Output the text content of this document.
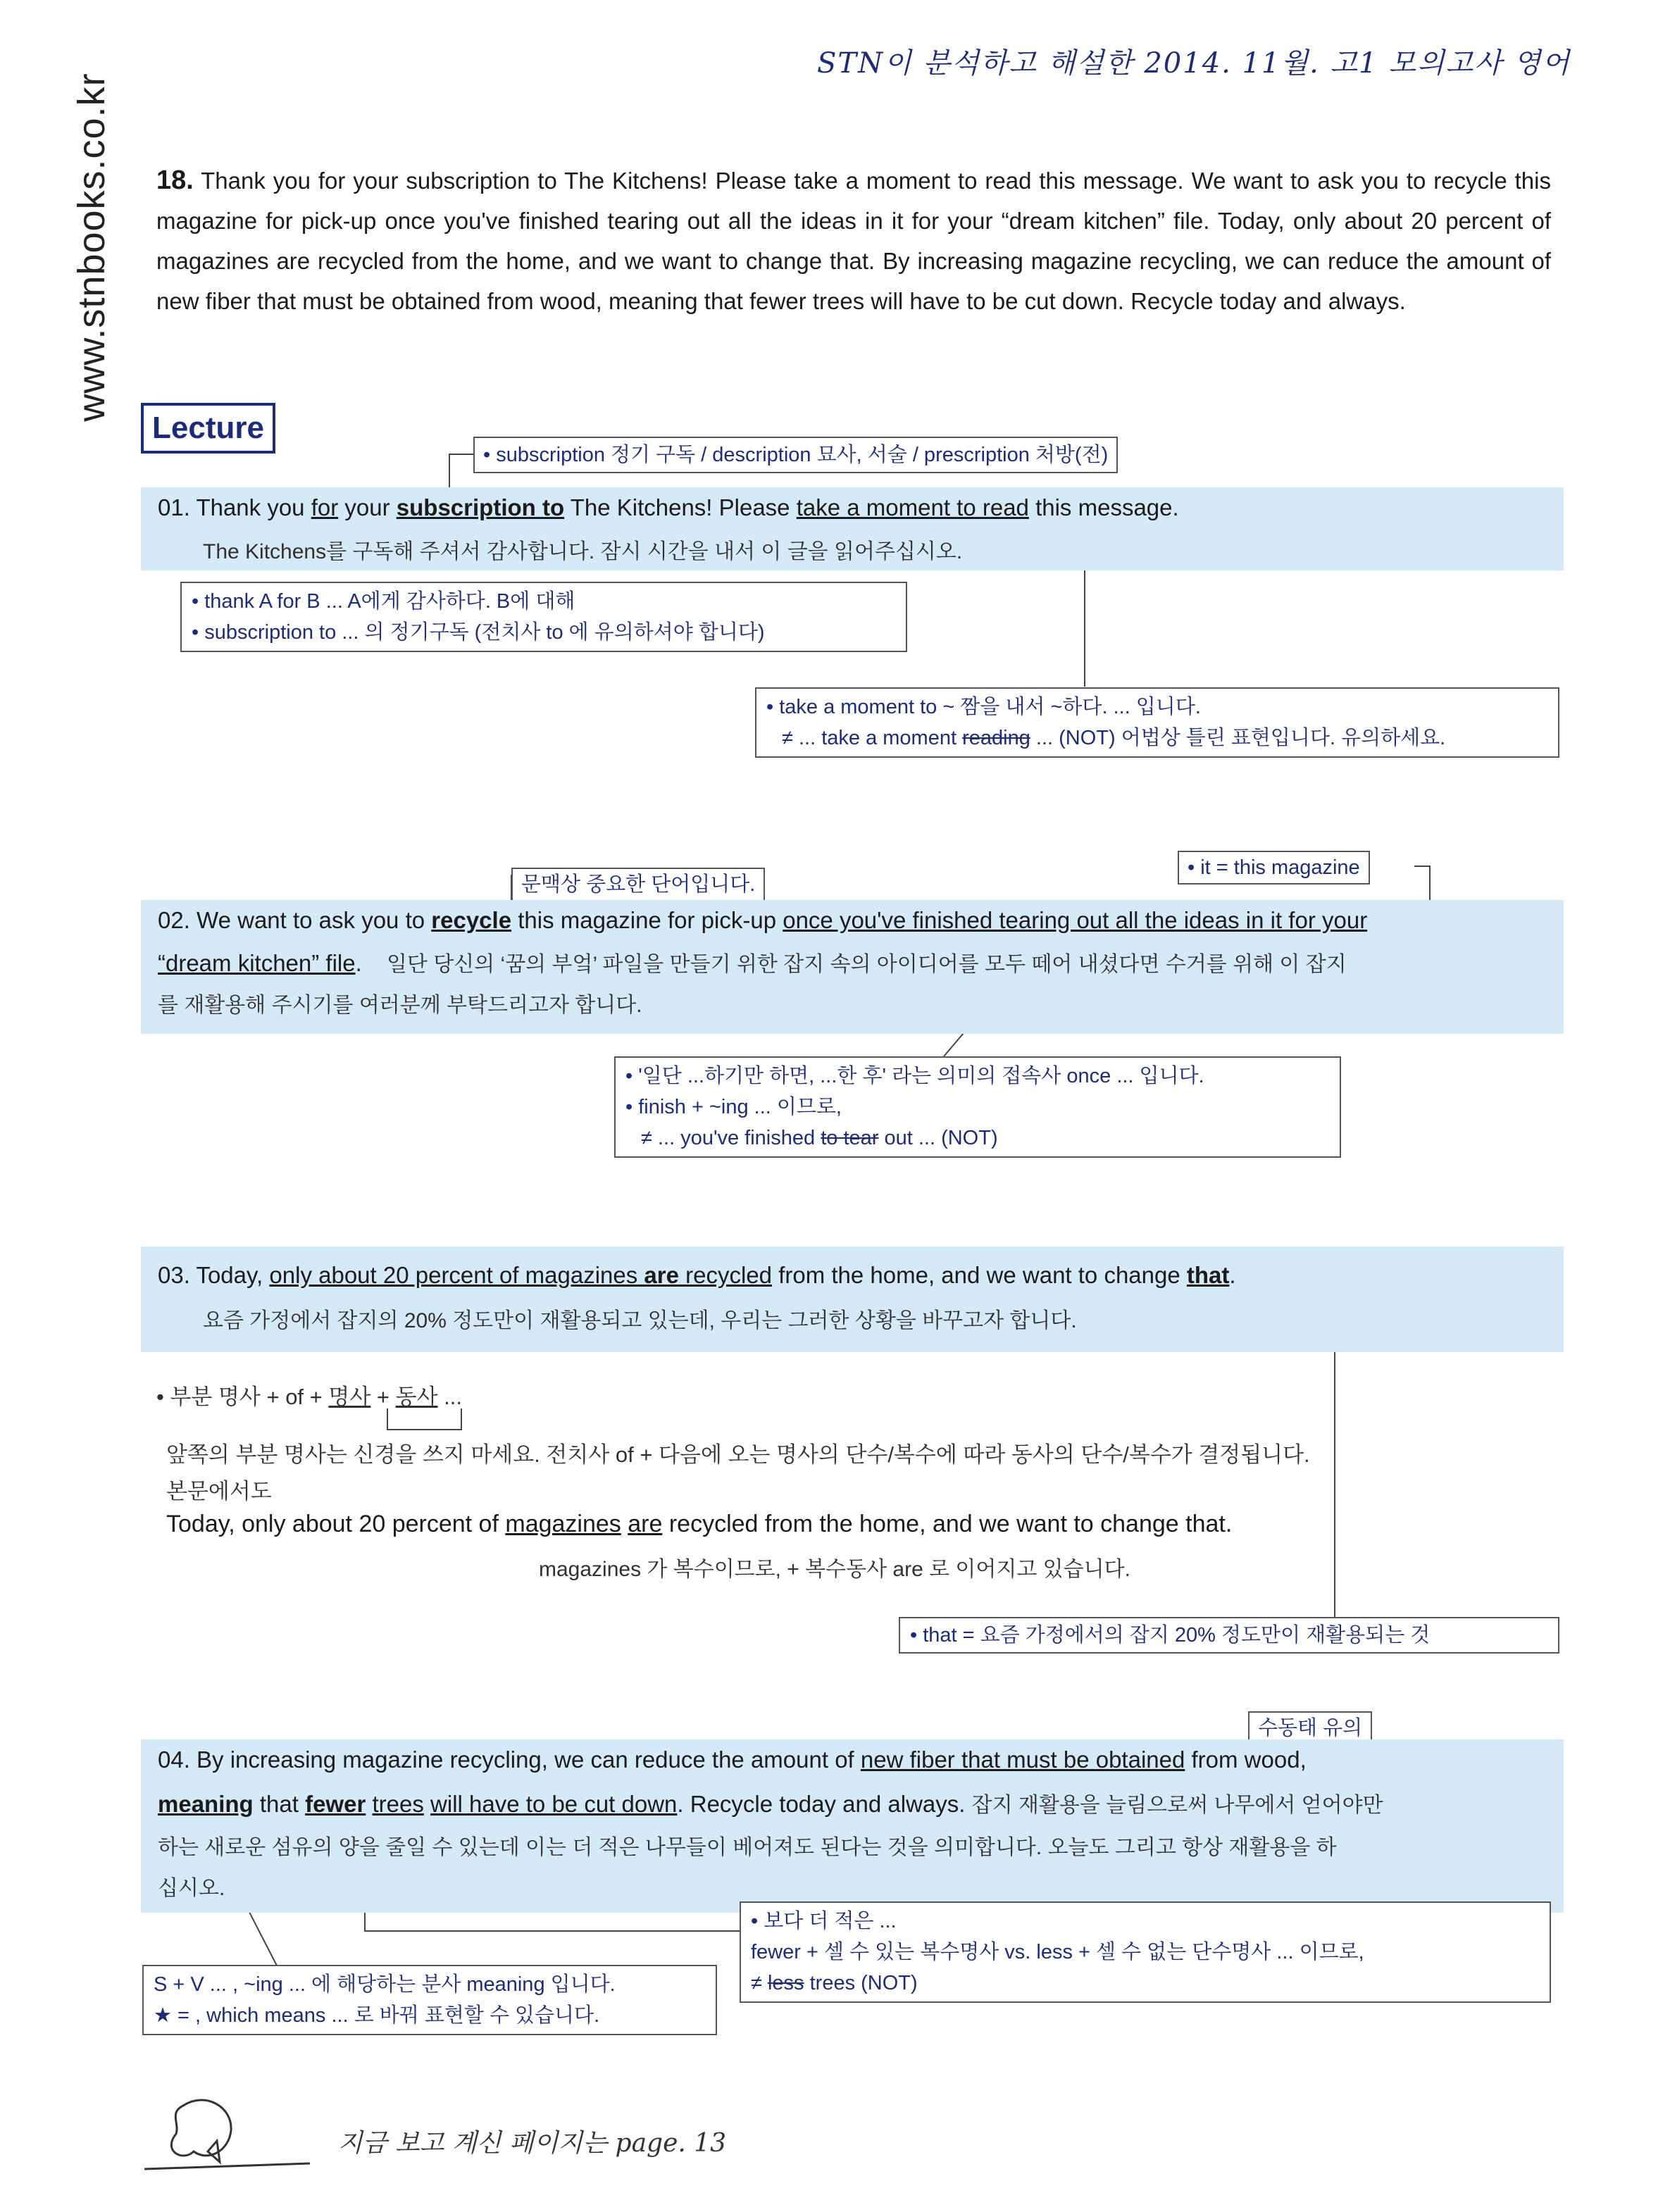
STN이 분석하고 해설한 2014. 11월. 고1 모의고사 영어
www.stnbooks.co.kr 18. Thank you for your subscription to The Kitchens! Please take a moment to read this message. We want to ask you to recycle this magazine for pick-up once you've finished tearing out all the ideas in it for your “dream kitchen” file. Today, only about 20 percent of magazines are recycled from the home, and we want to change that. By increasing magazine recycling, we can reduce the amount of new fiber that must be obtained from wood, meaning that fewer trees will have to be cut down. Recycle today and always.
Lecture
• subscription 정기 구독 / description 묘사, 서술 / prescription 처방(전)
01. Thank you for your subscription to The Kitchens! Please take a moment to read this message.
The Kitchens를 구독해 주셔서 감사합니다. 잠시 시간을 내서 이 글을 읽어주십시오.
• thank A for B ... A에게 감사하다. B에 대해
• subscription to ... 의 정기구독 (전치사 to 에 유의하셔야 합니다)
• take a moment to ~ 짬을 내서 ~하다. ... 입니다.
≠ ... take a moment reading ... (NOT) 어법상 틀린 표현입니다. 유의하세요.
• it = this magazine
문맥상 중요한 단어입니다.
02. We want to ask you to recycle this magazine for pick-up once you've finished tearing out all the ideas in it for your
“dream kitchen” file. 일단 당신의 ‘꿈의 부엌’ 파일을 만들기 위한 잡지 속의 아이디어를 모두 떼어 내셨다면 수거를 위해 이 잡지
를 재활용해 주시기를 여러분께 부탁드리고자 합니다.
• '일단 ...하기만 하면, ...한 후' 라는 의미의 접속사 once ... 입니다.
• finish + ~ing ... 이므로,
≠ ... you've finished to tear out ... (NOT)
03. Today, only about 20 percent of magazines are recycled from the home, and we want to change that.
요즘 가정에서 잡지의 20% 정도만이 재활용되고 있는데, 우리는 그러한 상황을 바꾸고자 합니다.
• 부분 명사 + of + 명사 + 동사 ...
앞쪽의 부분 명사는 신경을 쓰지 마세요. 전치사 of + 다음에 오는 명사의 단수/복수에 따라 동사의 단수/복수가 결정됩니다.
본문에서도
Today, only about 20 percent of magazines are recycled from the home, and we want to change that.
magazines 가 복수이므로, + 복수동사 are 로 이어지고 있습니다.
• that = 요즘 가정에서의 잡지 20% 정도만이 재활용되는 것
수동태 유의
04. By increasing magazine recycling, we can reduce the amount of new fiber that must be obtained from wood,
meaning that fewer trees will have to be cut down. Recycle today and always. 잡지 재활용을 늘림으로써 나무에서 얻어야만
하는 새로운 섬유의 양을 줄일 수 있는데 이는 더 적은 나무들이 베어져도 된다는 것을 의미합니다. 오늘도 그리고 항상 재활용을 하
십시오.
• 보다 더 적은 ...
fewer + 셀 수 있는 복수명사 vs. less + 셀 수 없는 단수명사 ... 이므로,
≠ less trees (NOT)
S + V ... , ~ing ... 에 해당하는 분사 meaning 입니다.
★ = , which means ... 로 바꿔 표현할 수 있습니다.
지금 보고 계신 페이지는 page. 13
